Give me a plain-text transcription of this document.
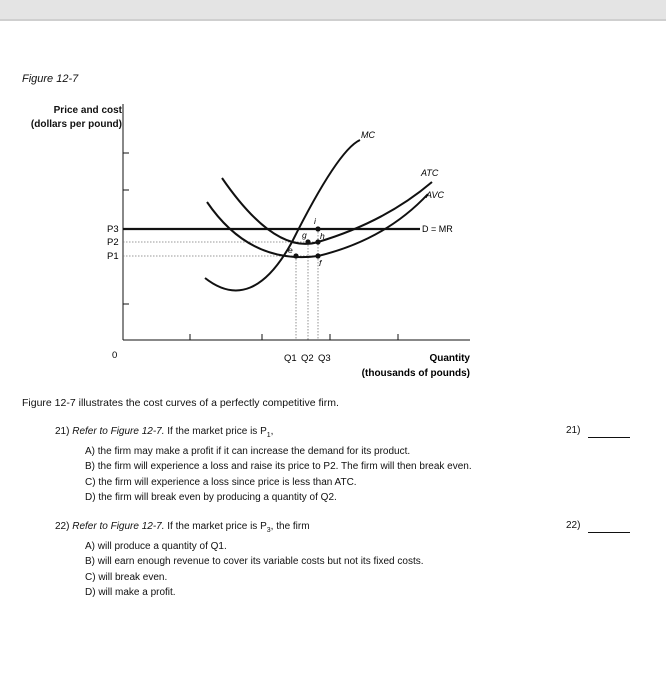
Figure 12-7
Price and cost
(dollars per pound)
MC
ATC
AVC
D = MR
e
g h
i
f
P3
P2
P1
Q1 Q2 Q3
0	Quantity
(thousands of pounds)
Figure 12-7 illustrates the cost curves of a perfectly competitive firm.
21) Refer to Figure 12-7. If the market price is $P_1$,
A) the firm may make a profit if it can increase the demand for its product.
B) the firm will experience a loss and raise its price to P2. The firm will then break even.
C) the firm will experience a loss since price is less than ATC.
D) the firm will break even by producing a quantity of Q2.
21)
22) Refer to Figure 12-7. If the market price is $P_3$, the firm
A) will produce a quantity of Q1.
B) will earn enough revenue to cover its variable costs but not its fixed costs.
C) will break even.
D) will make a profit.
22)
